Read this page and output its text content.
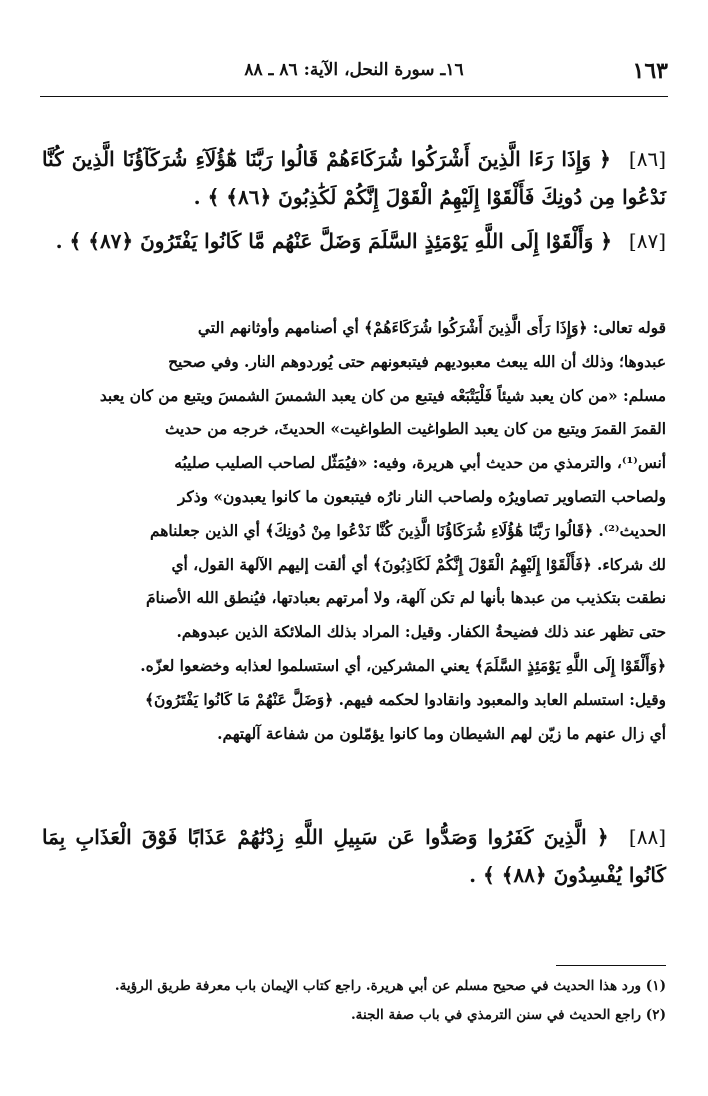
١٦ـ سورة النحل، الآية: ٨٦ ـ ٨٨	١٦٣
[٨٦] ﴿ وَإِذَا رَءَا الَّذِينَ أَشْرَكُوا شُرَكَاءَهُمْ قَالُوا رَبَّنَا هَٰٓؤُلَآءِ شُرَكَآؤُنَا الَّذِينَ كُنَّا نَدْعُوا مِن دُونِكَ فَأَلْقَوْا إِلَيْهِمُ الْقَوْلَ إِنَّكُمْ لَكَٰذِبُونَ ﴿٨٦﴾ ﴾ .
[٨٧] ﴿ وَأَلْقَوْا إِلَى اللَّهِ يَوْمَئِذٍ السَّلَمَ وَضَلَّ عَنْهُم مَّا كَانُوا يَفْتَرُونَ ﴿٨٧﴾ ﴾ .
قوله تعالى: ﴿وَإِذَا رَأَى الَّذِينَ أَشْرَكُوا شُرَكَاءَهُمْ﴾ أي أصنامهم وأوثانهم التي
عبدوها؛ وذلك أن الله يبعث معبوديهم فيتبعونهم حتى يُوردوهم النار. وفي صحيح
مسلم: «من كان يعبد شيئاً فَلْيَتْبَعْه فيتبع من كان يعبد الشمسَ الشمسَ ويتبع من كان يعبد
القمرَ القمرَ ويتبع من كان يعبد الطواغيت الطواغيت» الحديثَ، خرجه من حديث
أنس⁽¹⁾، والترمذي من حديث أبي هريرة، وفيه: «فيُمَثّل لصاحب الصليب صليبُه
ولصاحب التصاوير تصاويرُه ولصاحب النار نارُه فيتبعون ما كانوا يعبدون» وذكر
الحديث⁽²⁾. ﴿قَالُوا رَبَّنَا هَٰؤُلَاءِ شُرَكَاؤُنَا الَّذِينَ كُنَّا نَدْعُوا مِنْ دُونِكَ﴾ أي الذين جعلناهم
لك شركاء. ﴿فَأَلْقَوْا إِلَيْهِمُ الْقَوْلَ إِنَّكُمْ لَكَاذِبُونَ﴾ أي ألقت إليهم الآلهة القول، أي
نطقت بتكذيب من عبدها بأنها لم تكن آلهة، ولا أمرتهم بعبادتها، فيُنطق الله الأصنامَ
حتى تظهر عند ذلك فضيحةُ الكفار. وقيل: المراد بذلك الملائكة الذين عبدوهم.
﴿وَأَلْقَوْا إِلَى اللَّهِ يَوْمَئِذٍ السَّلَمَ﴾ يعني المشركين، أي استسلموا لعذابه وخضعوا لعزّه.
وقيل: استسلم العابد والمعبود وانقادوا لحكمه فيهم. ﴿وَضَلَّ عَنْهُمْ مَا كَانُوا يَفْتَرُونَ﴾
أي زال عنهم ما زيّن لهم الشيطان وما كانوا يؤمّلون من شفاعة آلهتهم.
[٨٨] ﴿ الَّذِينَ كَفَرُوا وَصَدُّوا عَن سَبِيلِ اللَّهِ زِدْنَٰهُمْ عَذَابًا فَوْقَ الْعَذَابِ بِمَا كَانُوا يُفْسِدُونَ ﴿٨٨﴾ ﴾ .
(١) ورد هذا الحديث في صحيح مسلم عن أبي هريرة. راجع كتاب الإيمان باب معرفة طريق الرؤية.
(٢) راجع الحديث في سنن الترمذي في باب صفة الجنة.
